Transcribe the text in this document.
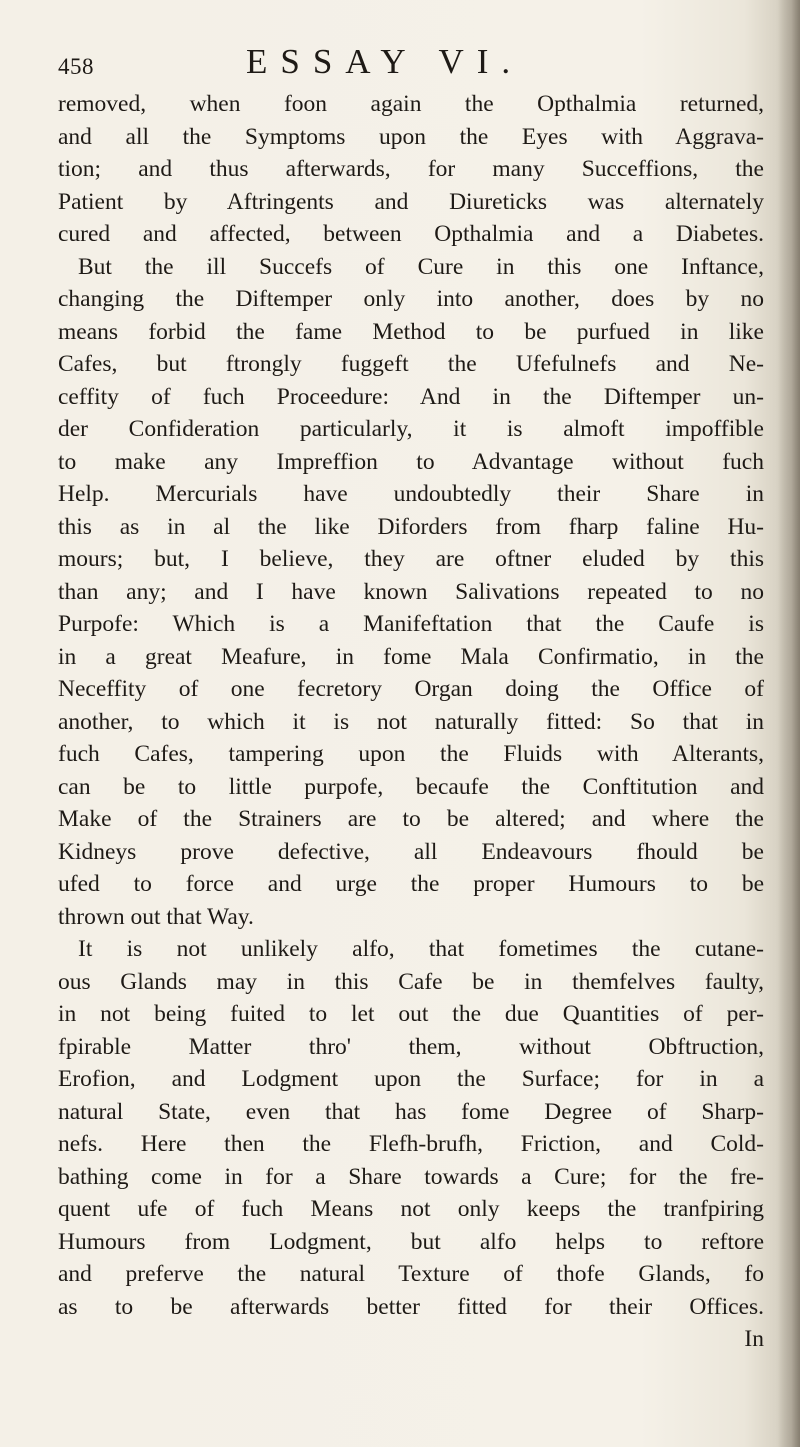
458	ESSAY VI.
removed, when foon again the Opthalmia returned,
and all the Symptoms upon the Eyes with Aggrava-
tion; and thus afterwards, for many Succeffions, the
Patient by Aftringents and Diureticks was alternately
cured and affected, between Opthalmia and a Diabetes.
But the ill Succefs of Cure in this one Inftance,
changing the Diftemper only into another, does by no
means forbid the fame Method to be purfued in like
Cafes, but ftrongly fuggeft the Ufefulnefs and Ne-
ceffity of fuch Proceedure: And in the Diftemper un-
der Confideration particularly, it is almoft impoffible
to make any Impreffion to Advantage without fuch
Help. Mercurials have undoubtedly their Share in
this as in al the like Diforders from fharp faline Hu-
mours; but, I believe, they are oftner eluded by this
than any; and I have known Salivations repeated to no
Purpofe: Which is a Manifeftation that the Caufe is
in a great Meafure, in fome Mala Confirmatio, in the
Neceffity of one fecretory Organ doing the Office of
another, to which it is not naturally fitted: So that in
fuch Cafes, tampering upon the Fluids with Alterants,
can be to little purpofe, becaufe the Conftitution and
Make of the Strainers are to be altered; and where the
Kidneys prove defective, all Endeavours fhould be
ufed to force and urge the proper Humours to be
thrown out that Way.
It is not unlikely alfo, that fometimes the cutane-
ous Glands may in this Cafe be in themfelves faulty,
in not being fuited to let out the due Quantities of per-
fpirable Matter thro' them, without Obftruction,
Erofion, and Lodgment upon the Surface; for in a
natural State, even that has fome Degree of Sharp-
nefs. Here then the Flefh-brufh, Friction, and Cold-
bathing come in for a Share towards a Cure; for the fre-
quent ufe of fuch Means not only keeps the tranfpiring
Humours from Lodgment, but alfo helps to reftore
and preferve the natural Texture of thofe Glands, fo
as to be afterwards better fitted for their Offices.
In
